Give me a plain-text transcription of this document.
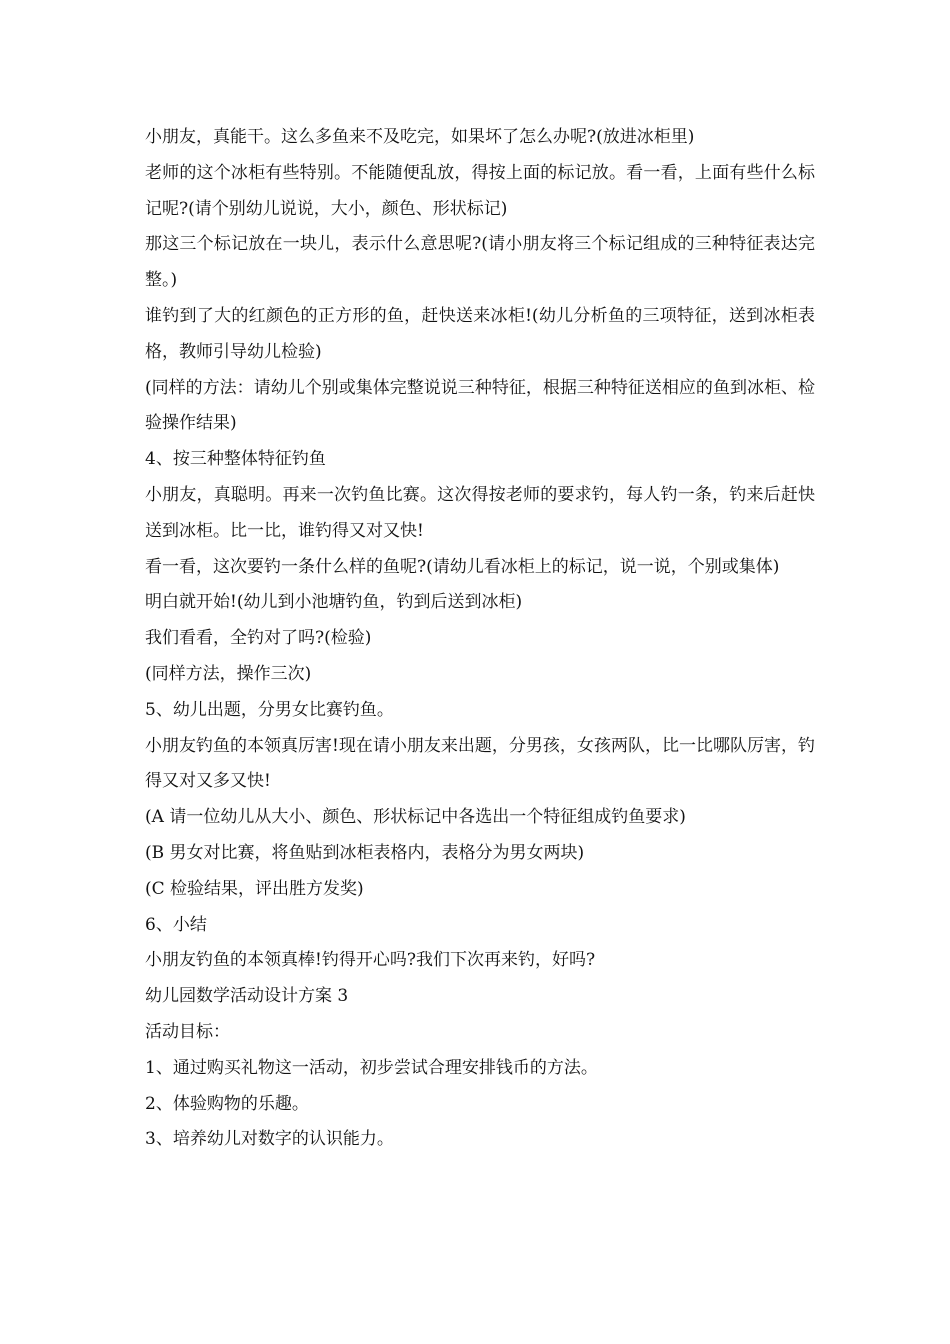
小朋友，真能干。这么多鱼来不及吃完，如果坏了怎么办呢?(放进冰柜里)

老师的这个冰柜有些特别。不能随便乱放，得按上面的标记放。看一看，上面有些什么标记呢?(请个别幼儿说说，大小，颜色、形状标记)

那这三个标记放在一块儿，表示什么意思呢?(请小朋友将三个标记组成的三种特征表达完整。)

谁钓到了大的红颜色的正方形的鱼，赶快送来冰柜!(幼儿分析鱼的三项特征，送到冰柜表格，教师引导幼儿检验)

(同样的方法：请幼儿个别或集体完整说说三种特征，根据三种特征送相应的鱼到冰柜、检验操作结果)

4、按三种整体特征钓鱼

小朋友，真聪明。再来一次钓鱼比赛。这次得按老师的要求钓，每人钓一条，钓来后赶快送到冰柜。比一比，谁钓得又对又快!

看一看，这次要钓一条什么样的鱼呢?(请幼儿看冰柜上的标记，说一说，个别或集体)

明白就开始!(幼儿到小池塘钓鱼，钓到后送到冰柜)

我们看看，全钓对了吗?(检验)

(同样方法，操作三次)

5、幼儿出题，分男女比赛钓鱼。

小朋友钓鱼的本领真厉害!现在请小朋友来出题，分男孩，女孩两队，比一比哪队厉害，钓得又对又多又快!

(A 请一位幼儿从大小、颜色、形状标记中各选出一个特征组成钓鱼要求)

(B 男女对比赛，将鱼贴到冰柜表格内，表格分为男女两块)

(C 检验结果，评出胜方发奖)

6、小结

小朋友钓鱼的本领真棒!钓得开心吗?我们下次再来钓，好吗?

幼儿园数学活动设计方案 3

活动目标：

1、通过购买礼物这一活动，初步尝试合理安排钱币的方法。

2、体验购物的乐趣。

3、培养幼儿对数字的认识能力。
